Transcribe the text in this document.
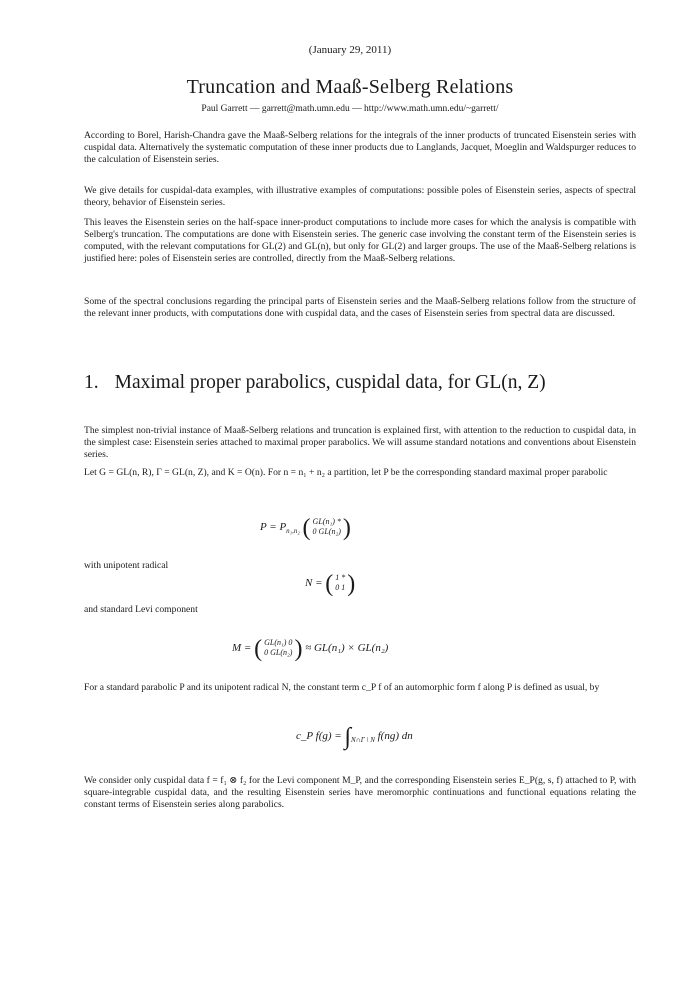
(January 29, 2011)
Truncation and Maaß-Selberg Relations
Paul Garrett — garrett@math.umn.edu — http://www.math.umn.edu/~garrett/

According to Borel, Harish-Chandra gave the Maaß-Selberg relations for the integrals of the inner products of truncated Eisenstein series with cuspidal data. Alternatively the systematic computation of these inner products due to Langlands, Jacquet, Moeglin and Waldspurger reduces to the calculation of Eisenstein series.

We give details for cuspidal-data examples, with illustrative examples of computations: possible poles of Eisenstein series, aspects of spectral theory, behavior of Eisenstein series.

This leaves the Eisenstein series on the half-space inner-product computations to include more cases for which the analysis is compatible with Selberg's truncation. The computations are done with Eisenstein series. The generic case involving the constant term of the Eisenstein series is computed, with the relevant computations for GL(2) and GL(n), but only for GL(2) and larger groups. The use of the Maaß-Selberg relations is justified here: poles of Eisenstein series are controlled, directly from the Maaß-Selberg relations.

Some of the spectral conclusions regarding the principal parts of Eisenstein series and the Maaß-Selberg relations follow from the structure of the relevant inner products, with computations done with cuspidal data, and the cases of Eisenstein series from spectral data are discussed.

1. Maximal proper parabolics, cuspidal data, for GL(n, Z)

The simplest non-trivial instance of Maaß-Selberg relations and truncation is explained first, with attention to the reduction to cuspidal data, in the simplest case: Eisenstein series attached to maximal proper parabolics. We will assume standard notations and conventions about Eisenstein series.

Let G = GL(n, R), Γ = GL(n, Z), and K = O(n). For n = n₁ + n₂ a partition, let P be the corresponding standard maximal proper parabolic

$P = P_{n_1,n_2}$ ( GL(n₁) *
0 GL(n₂))

with unipotent radical

N = ( 1 *
0 1)

and standard Levi component

M = ( GL(n₁) 0
0 GL(n₂)) ≈ GL(n₁) × GL(n₂)

For a standard parabolic P and its unipotent radical N, the constant term c_P f of an automorphic form f along P is defined as usual, by

c_P $f(g) = \int_{N\cap\Gamma \backslash N}$ f(ng) dn

We consider only cuspidal data f = f₁ ⊗ f₂ for the Levi component M_P, and the corresponding Eisenstein series E_P(g, s, f) attached to P, with square-integrable cuspidal data, and the resulting Eisenstein series have meromorphic continuations and functional equations relating the constant terms of Eisenstein series along parabolics.
